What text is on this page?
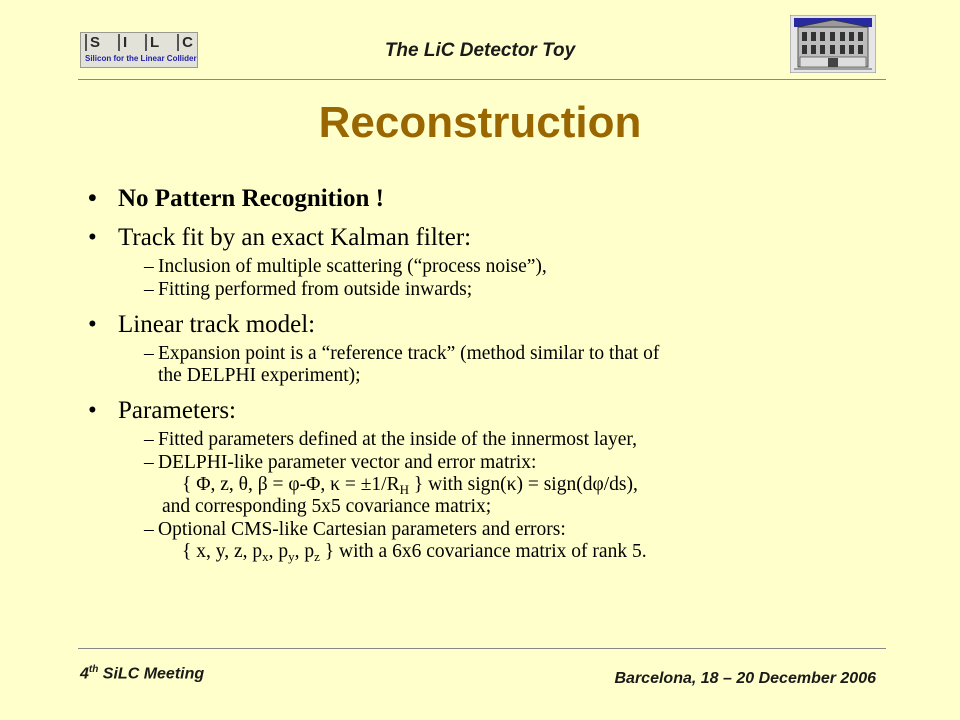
S	I	L	C
Silicon for the Linear Collider	The LiC Detector Toy
Reconstruction
• No Pattern Recognition !
• Track fit by an exact Kalman filter:
– Inclusion of multiple scattering (“process noise”),
– Fitting performed from outside inwards;
• Linear track model:
– Expansion point is a “reference track” (method similar to that of
the DELPHI experiment);
• Parameters:
– Fitted parameters defined at the inside of the innermost layer,
– DELPHI-like parameter vector and error matrix:
{ Φ, z, θ, β = φ-Φ, $\kappa = \pm 1/R_H$ } with sign(κ) = sign(dφ/ds),
and corresponding 5x5 covariance matrix;
– Optional CMS-like Cartesian parameters and errors:
{ x, y, z, $p_x$, $p_y$, $p_z$ } with a 6x6 covariance matrix of rank 5.
4th SiLC Meeting	Barcelona, 18 – 20 December 2006
